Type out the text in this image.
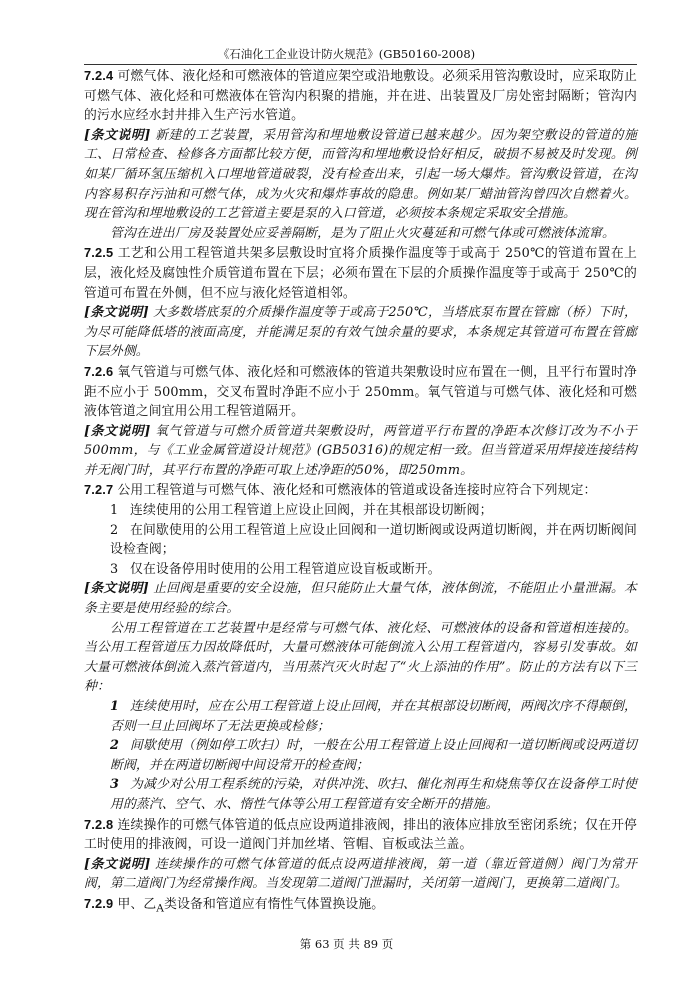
《石油化工企业设计防火规范》(GB50160-2008)

7.2.4 可燃气体、液化烃和可燃液体的管道应架空或沿地敷设。必须采用管沟敷设时，应采取防止可燃气体、液化烃和可燃液体在管沟内积聚的措施，并在进、出装置及厂房处密封隔断；管沟内的污水应经水封井排入生产污水管道。

[条文说明] 新建的工艺装置，采用管沟和埋地敷设管道已越来越少。因为架空敷设的管道的施工、日常检查、检修各方面都比较方便，而管沟和埋地敷设恰好相反，破损不易被及时发现。例如某厂循环氢压缩机入口埋地管道破裂，没有检查出来，引起一场大爆炸。管沟敷设管道，在沟内容易积存污油和可燃气体，成为火灾和爆炸事故的隐患。例如某厂蜡油管沟曾四次自燃着火。现在管沟和埋地敷设的工艺管道主要是泵的入口管道，必须按本条规定采取安全措施。

管沟在进出厂房及装置处应妥善隔断，是为了阻止火灾蔓延和可燃气体或可燃液体流窜。

7.2.5 工艺和公用工程管道共架多层敷设时宜将介质操作温度等于或高于 250℃的管道布置在上层，液化烃及腐蚀性介质管道布置在下层；必须布置在下层的介质操作温度等于或高于 250℃的管道可布置在外侧，但不应与液化烃管道相邻。

[条文说明] 大多数塔底泵的介质操作温度等于或高于250℃，当塔底泵布置在管廊（桥）下时，为尽可能降低塔的液面高度，并能满足泵的有效气蚀余量的要求，本条规定其管道可布置在管廊下层外侧。

7.2.6 氧气管道与可燃气体、液化烃和可燃液体的管道共架敷设时应布置在一侧，且平行布置时净距不应小于 500mm，交叉布置时净距不应小于 250mm。氧气管道与可燃气体、液化烃和可燃液体管道之间宜用公用工程管道隔开。

[条文说明] 氧气管道与可燃介质管道共架敷设时，两管道平行布置的净距本次修订改为不小于500mm，与《工业金属管道设计规范》(GB50316)的规定相一致。但当管道采用焊接连接结构并无阀门时，其平行布置的净距可取上述净距的50%，即250mm。

7.2.7 公用工程管道与可燃气体、液化烃和可燃液体的管道或设备连接时应符合下列规定：

1 连续使用的公用工程管道上应设止回阀，并在其根部设切断阀；

2 在间歇使用的公用工程管道上应设止回阀和一道切断阀或设两道切断阀，并在两切断阀间设检查阀；

3 仅在设备停用时使用的公用工程管道应设盲板或断开。

[条文说明] 止回阀是重要的安全设施，但只能防止大量气体，液体倒流，不能阻止小量泄漏。本条主要是使用经验的综合。

公用工程管道在工艺装置中是经常与可燃气体、液化烃、可燃液体的设备和管道相连接的。当公用工程管道压力因故降低时，大量可燃液体可能倒流入公用工程管道内，容易引发事故。如大量可燃液体倒流入蒸汽管道内，当用蒸汽灭火时起了“火上添油的作用”。防止的方法有以下三种：

1 连续使用时，应在公用工程管道上设止回阀，并在其根部设切断阀，两阀次序不得颠倒，否则一旦止回阀坏了无法更换或检修；

2 间歇使用（例如停工吹扫）时，一般在公用工程管道上设止回阀和一道切断阀或设两道切断阀，并在两道切断阀中间设常开的检查阀；

3 为减少对公用工程系统的污染，对供冲洗、吹扫、催化剂再生和烧焦等仅在设备停工时使用的蒸汽、空气、水、惰性气体等公用工程管道有安全断开的措施。

7.2.8 连续操作的可燃气体管道的低点应设两道排液阀，排出的液体应排放至密闭系统；仅在开停工时使用的排液阀，可设一道阀门并加丝堵、管帽、盲板或法兰盖。

[条文说明] 连续操作的可燃气体管道的低点设两道排液阀，第一道（靠近管道侧）阀门为常开阀，第二道阀门为经常操作阀。当发现第二道阀门泄漏时，关闭第一道阀门，更换第二道阀门。

7.2.9 甲、乙$_A$类设备和管道应有惰性气体置换设施。

第 63 页 共 89 页
